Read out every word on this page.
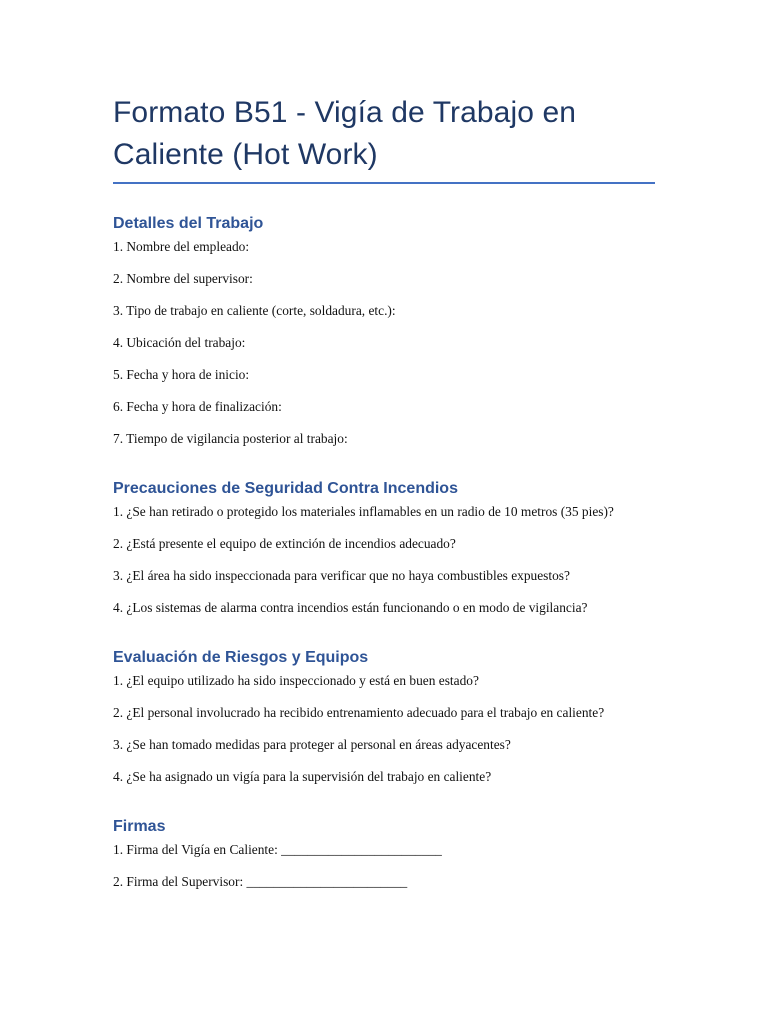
Formato B51 - Vigía de Trabajo en Caliente (Hot Work)
Detalles del Trabajo

1. Nombre del empleado:

2. Nombre del supervisor:

3. Tipo de trabajo en caliente (corte, soldadura, etc.):

4. Ubicación del trabajo:

5. Fecha y hora de inicio:

6. Fecha y hora de finalización:

7. Tiempo de vigilancia posterior al trabajo:

Precauciones de Seguridad Contra Incendios

1. ¿Se han retirado o protegido los materiales inflamables en un radio de 10 metros (35 pies)?

2. ¿Está presente el equipo de extinción de incendios adecuado?

3. ¿El área ha sido inspeccionada para verificar que no haya combustibles expuestos?

4. ¿Los sistemas de alarma contra incendios están funcionando o en modo de vigilancia?

Evaluación de Riesgos y Equipos

1. ¿El equipo utilizado ha sido inspeccionado y está en buen estado?

2. ¿El personal involucrado ha recibido entrenamiento adecuado para el trabajo en caliente?

3. ¿Se han tomado medidas para proteger al personal en áreas adyacentes?

4. ¿Se ha asignado un vigía para la supervisión del trabajo en caliente?

Firmas

1. Firma del Vigía en Caliente: ________________________

2. Firma del Supervisor: ________________________
